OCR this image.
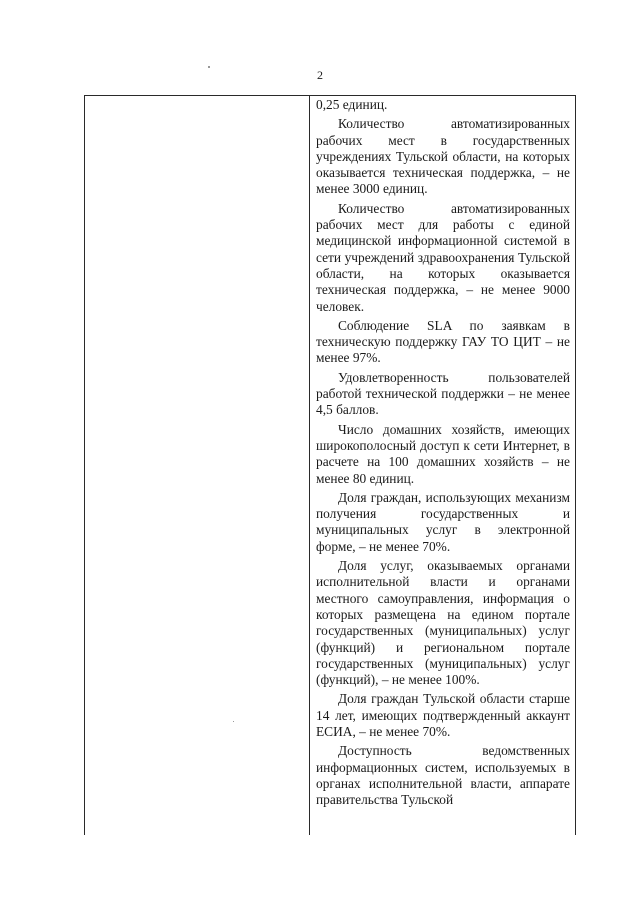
2

0,25 единиц.

Количество автоматизированных рабочих мест в государственных учреждениях Тульской области, на которых оказывается техническая поддержка, – не менее 3000 единиц.

Количество автоматизированных рабочих мест для работы с единой медицинской информационной системой в сети учреждений здравоохранения Тульской области, на которых оказывается техническая поддержка, – не менее 9000 человек.

Соблюдение SLA по заявкам в техническую поддержку ГАУ ТО ЦИТ – не менее 97%.

Удовлетворенность пользователей работой технической поддержки – не менее 4,5 баллов.

Число домашних хозяйств, имеющих широкополосный доступ к сети Интернет, в расчете на 100 домашних хозяйств – не менее 80 единиц.

Доля граждан, использующих механизм получения государственных и муниципальных услуг в электронной форме, – не менее 70%.

Доля услуг, оказываемых органами исполнительной власти и органами местного самоуправления, информация о которых размещена на едином портале государственных (муниципальных) услуг (функций) и региональном портале государственных (муниципальных) услуг (функций), – не менее 100%.

Доля граждан Тульской области старше 14 лет, имеющих подтвержденный аккаунт ЕСИА, – не менее 70%.

Доступность ведомственных информационных систем, используемых в органах исполнительной власти, аппарате правительства Тульской
